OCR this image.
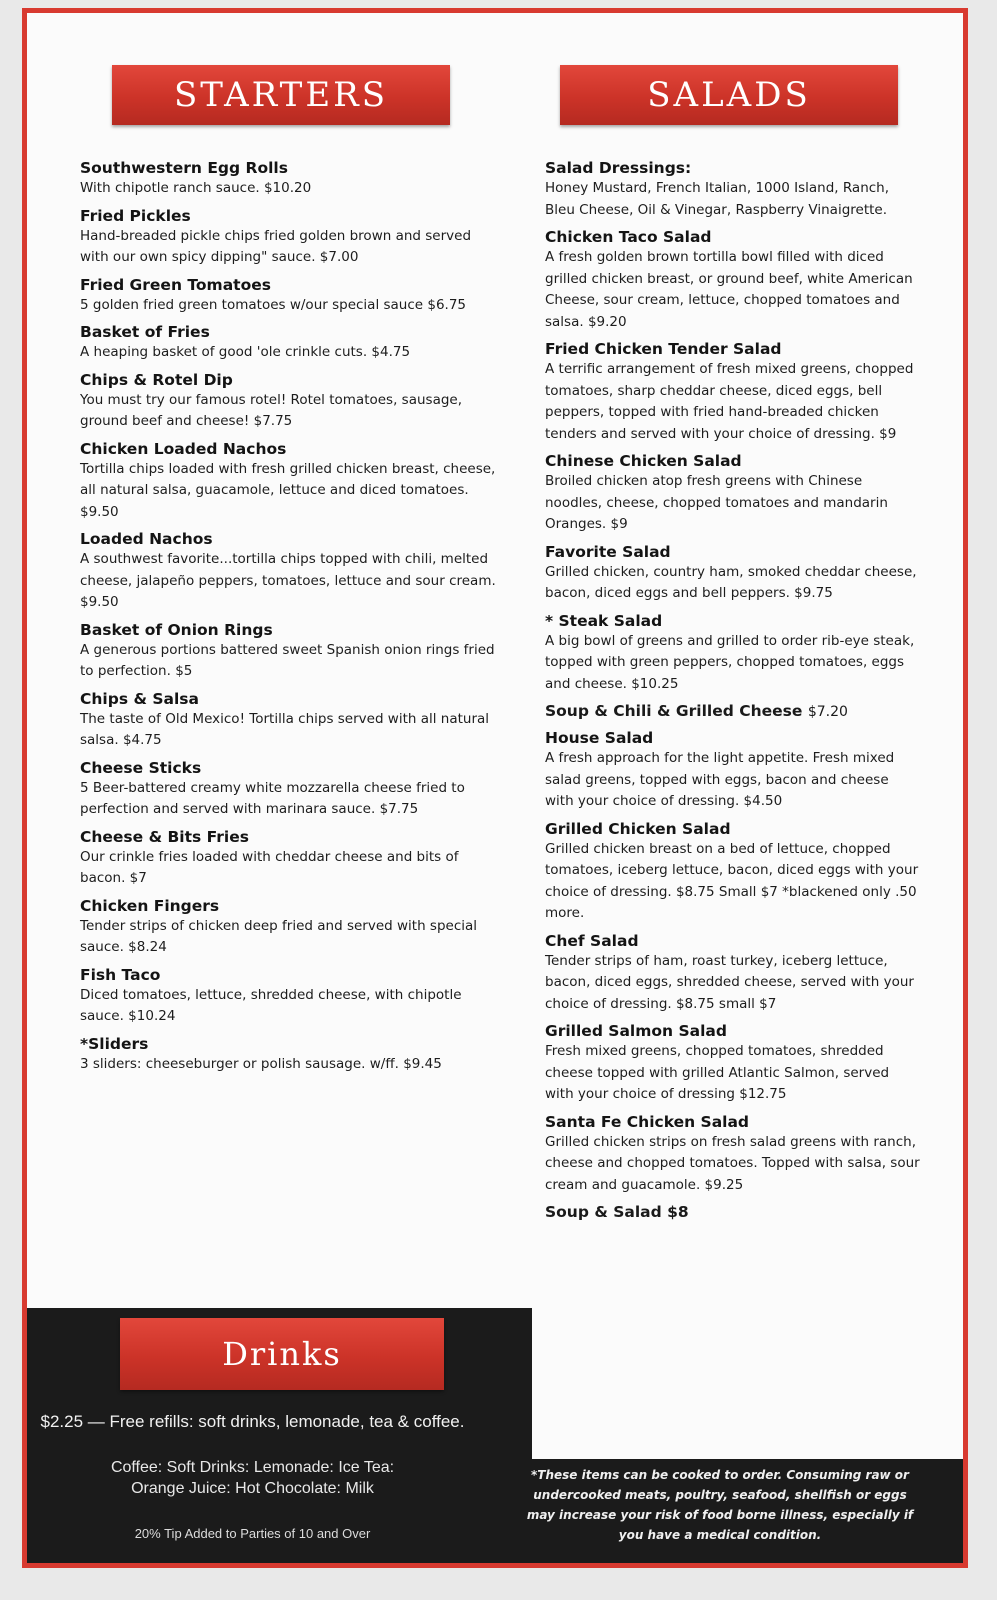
STARTERS	SALADS
Southwestern Egg Rolls
With chipotle ranch sauce. $10.20
Fried Pickles
Hand-breaded pickle chips fried golden brown and served with our own spicy dipping" sauce. $7.00
Fried Green Tomatoes
5 golden fried green tomatoes w/our special sauce $6.75
Basket of Fries
A heaping basket of good 'ole crinkle cuts. $4.75
Chips & Rotel Dip
You must try our famous rotel! Rotel tomatoes, sausage, ground beef and cheese! $7.75
Chicken Loaded Nachos
Tortilla chips loaded with fresh grilled chicken breast, cheese, all natural salsa, guacamole, lettuce and diced tomatoes. $9.50
Loaded Nachos
A southwest favorite...tortilla chips topped with chili, melted cheese, jalapeño peppers, tomatoes, lettuce and sour cream. $9.50
Basket of Onion Rings
A generous portions battered sweet Spanish onion rings fried to perfection. $5
Chips & Salsa
The taste of Old Mexico! Tortilla chips served with all natural salsa. $4.75
Cheese Sticks
5 Beer-battered creamy white mozzarella cheese fried to perfection and served with marinara sauce. $7.75
Cheese & Bits Fries
Our crinkle fries loaded with cheddar cheese and bits of bacon. $7
Chicken Fingers
Tender strips of chicken deep fried and served with special sauce. $8.24
Fish Taco
Diced tomatoes, lettuce, shredded cheese, with chipotle sauce. $10.24
*Sliders
3 sliders: cheeseburger or polish sausage. w/ff. $9.45
Salad Dressings:
Honey Mustard, French Italian, 1000 Island, Ranch, Bleu Cheese, Oil & Vinegar, Raspberry Vinaigrette.
Chicken Taco Salad
A fresh golden brown tortilla bowl filled with diced grilled chicken breast, or ground beef, white American Cheese, sour cream, lettuce, chopped tomatoes and salsa. $9.20
Fried Chicken Tender Salad
A terrific arrangement of fresh mixed greens, chopped tomatoes, sharp cheddar cheese, diced eggs, bell peppers, topped with fried hand-breaded chicken tenders and served with your choice of dressing. $9
Chinese Chicken Salad
Broiled chicken atop fresh greens with Chinese noodles, cheese, chopped tomatoes and mandarin Oranges. $9
Favorite Salad
Grilled chicken, country ham, smoked cheddar cheese, bacon, diced eggs and bell peppers. $9.75
* Steak Salad
A big bowl of greens and grilled to order rib-eye steak, topped with green peppers, chopped tomatoes, eggs and cheese. $10.25
Soup & Chili & Grilled Cheese $7.20
House Salad
A fresh approach for the light appetite. Fresh mixed salad greens, topped with eggs, bacon and cheese with your choice of dressing. $4.50
Grilled Chicken Salad
Grilled chicken breast on a bed of lettuce, chopped tomatoes, iceberg lettuce, bacon, diced eggs with your choice of dressing. $8.75 Small $7 *blackened only .50 more.
Chef Salad
Tender strips of ham, roast turkey, iceberg lettuce, bacon, diced eggs, shredded cheese, served with your choice of dressing. $8.75 small $7
Grilled Salmon Salad
Fresh mixed greens, chopped tomatoes, shredded cheese topped with grilled Atlantic Salmon, served with your choice of dressing $12.75
Santa Fe Chicken Salad
Grilled chicken strips on fresh salad greens with ranch, cheese and chopped tomatoes. Topped with salsa, sour cream and guacamole. $9.25
Soup & Salad $8
Drinks
$2.25 — Free refills: soft drinks, lemonade, tea & coffee.
Coffee: Soft Drinks: Lemonade: Ice Tea:
Orange Juice: Hot Chocolate: Milk
20% Tip Added to Parties of 10 and Over
*These items can be cooked to order. Consuming raw or undercooked meats, poultry, seafood, shellfish or eggs may increase your risk of food borne illness, especially if you have a medical condition.
